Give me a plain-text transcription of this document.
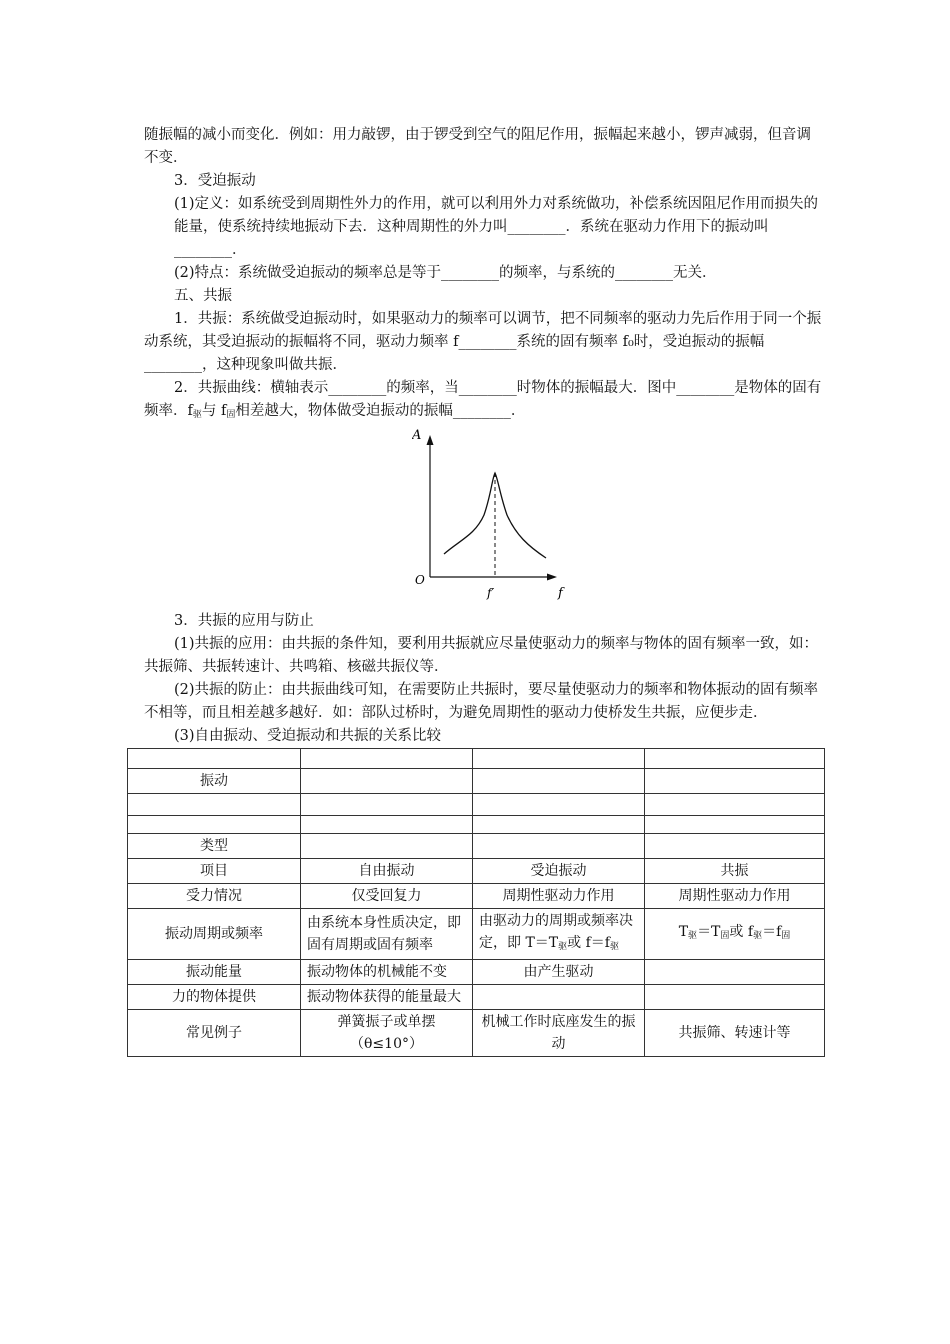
随振幅的减小而变化．例如：用力敲锣，由于锣受到空气的阻尼作用，振幅起来越小，锣声减弱，但音调不变．

3．受迫振动

(1)定义：如系统受到周期性外力的作用，就可以利用外力对系统做功，补偿系统因阻尼作用而损失的能量，使系统持续地振动下去．这种周期性的外力叫________．系统在驱动力作用下的振动叫________．

(2)特点：系统做受迫振动的频率总是等于________的频率，与系统的________无关．

五、共振

1．共振：系统做受迫振动时，如果驱动力的频率可以调节，把不同频率的驱动力先后作用于同一个振动系统，其受迫振动的振幅将不同，驱动力频率 f________系统的固有频率 f₀时，受迫振动的振幅________，这种现象叫做共振．

2．共振曲线：横轴表示________的频率，当________时物体的振幅最大．图中________是物体的固有频率．$f_驱$与 $f_固$相差越大，物体做受迫振动的振幅________．

A
O
f′	f

3．共振的应用与防止

(1)共振的应用：由共振的条件知，要利用共振就应尽量使驱动力的频率与物体的固有频率一致，如：共振筛、共振转速计、共鸣箱、核磁共振仪等．

(2)共振的防止：由共振曲线可知，在需要防止共振时，要尽量使驱动力的频率和物体振动的固有频率不相等，而且相差越多越好．如：部队过桥时，为避免周期性的驱动力使桥发生共振，应便步走．

(3)自由振动、受迫振动和共振的关系比较

振动			

类型			
项目	自由振动	受迫振动	共振
受力情况	仅受回复力	周期性驱动力作用	周期性驱动力作用
振动周期或频率	由系统本身性质决定，即固有周期或固有频率	由驱动力的周期或频率决定，即 $T=T_驱$或 $f=f_驱$	$T_驱=T_固$或 $f_驱=f_固$
振动能量	振动物体的机械能不变	由产生驱动	
力的物体提供	振动物体获得的能量最大		
常见例子	弹簧振子或单摆（θ≤10°）	机械工作时底座发生的振动	共振筛、转速计等
